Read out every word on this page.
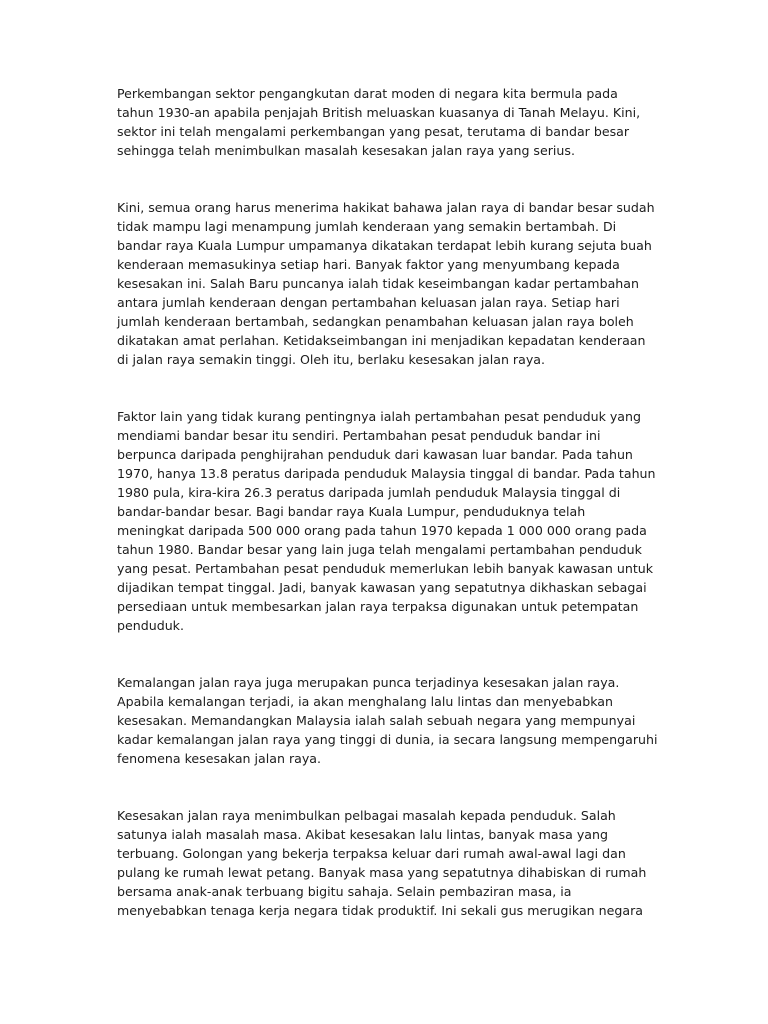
Perkembangan sektor pengangkutan darat moden di negara kita bermula pada
tahun 1930-an apabila penjajah British meluaskan kuasanya di Tanah Melayu. Kini,
sektor ini telah mengalami perkembangan yang pesat, terutama di bandar besar
sehingga telah menimbulkan masalah kesesakan jalan raya yang serius.

Kini, semua orang harus menerima hakikat bahawa jalan raya di bandar besar sudah
tidak mampu lagi menampung jumlah kenderaan yang semakin bertambah. Di
bandar raya Kuala Lumpur umpamanya dikatakan terdapat lebih kurang sejuta buah
kenderaan memasukinya setiap hari. Banyak faktor yang menyumbang kepada
kesesakan ini. Salah Baru puncanya ialah tidak keseimbangan kadar pertambahan
antara jumlah kenderaan dengan pertambahan keluasan jalan raya. Setiap hari
jumlah kenderaan bertambah, sedangkan penambahan keluasan jalan raya boleh
dikatakan amat perlahan. Ketidakseimbangan ini menjadikan kepadatan kenderaan
di jalan raya semakin tinggi. Oleh itu, berlaku kesesakan jalan raya.

Faktor lain yang tidak kurang pentingnya ialah pertambahan pesat penduduk yang
mendiami bandar besar itu sendiri. Pertambahan pesat penduduk bandar ini
berpunca daripada penghijrahan penduduk dari kawasan luar bandar. Pada tahun
1970, hanya 13.8 peratus daripada penduduk Malaysia tinggal di bandar. Pada tahun
1980 pula, kira-kira 26.3 peratus daripada jumlah penduduk Malaysia tinggal di
bandar-bandar besar. Bagi bandar raya Kuala Lumpur, penduduknya telah
meningkat daripada 500 000 orang pada tahun 1970 kepada 1 000 000 orang pada
tahun 1980. Bandar besar yang lain juga telah mengalami pertambahan penduduk
yang pesat. Pertambahan pesat penduduk memerlukan lebih banyak kawasan untuk
dijadikan tempat tinggal. Jadi, banyak kawasan yang sepatutnya dikhaskan sebagai
persediaan untuk membesarkan jalan raya terpaksa digunakan untuk petempatan
penduduk.

Kemalangan jalan raya juga merupakan punca terjadinya kesesakan jalan raya.
Apabila kemalangan terjadi, ia akan menghalang lalu lintas dan menyebabkan
kesesakan. Memandangkan Malaysia ialah salah sebuah negara yang mempunyai
kadar kemalangan jalan raya yang tinggi di dunia, ia secara langsung mempengaruhi
fenomena kesesakan jalan raya.

Kesesakan jalan raya menimbulkan pelbagai masalah kepada penduduk. Salah
satunya ialah masalah masa. Akibat kesesakan lalu lintas, banyak masa yang
terbuang. Golongan yang bekerja terpaksa keluar dari rumah awal-awal lagi dan
pulang ke rumah lewat petang. Banyak masa yang sepatutnya dihabiskan di rumah
bersama anak-anak terbuang bigitu sahaja. Selain pembaziran masa, ia
menyebabkan tenaga kerja negara tidak produktif. Ini sekali gus merugikan negara
